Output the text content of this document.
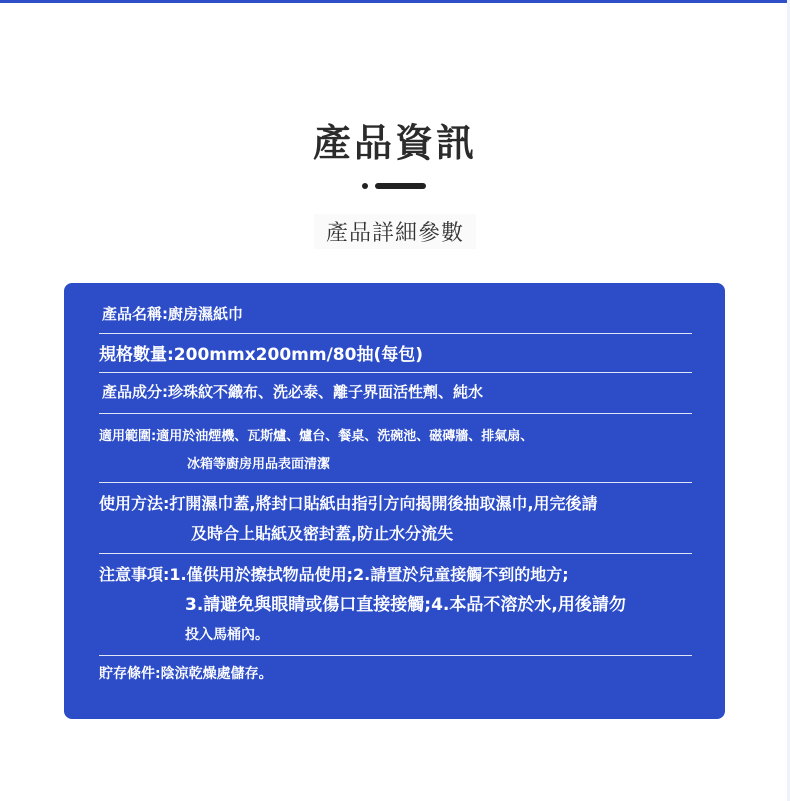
產品資訊
產品詳細參數
產品名稱:廚房濕紙巾
規格數量:200mmx200mm/80抽(每包)
產品成分:珍珠紋不織布、洗必泰、離子界面活性劑、純水
適用範圍:適用於油煙機、瓦斯爐、爐台、餐桌、洗碗池、磁磚牆、排氣扇、
冰箱等廚房用品表面清潔
使用方法:打開濕巾蓋,將封口貼紙由指引方向揭開後抽取濕巾,用完後請
及時合上貼紙及密封蓋,防止水分流失
注意事項:1.僅供用於擦拭物品使用;2.請置於兒童接觸不到的地方;
3.請避免與眼睛或傷口直接接觸;4.本品不溶於水,用後請勿
投入馬桶內。
貯存條件:陰涼乾燥處儲存。
